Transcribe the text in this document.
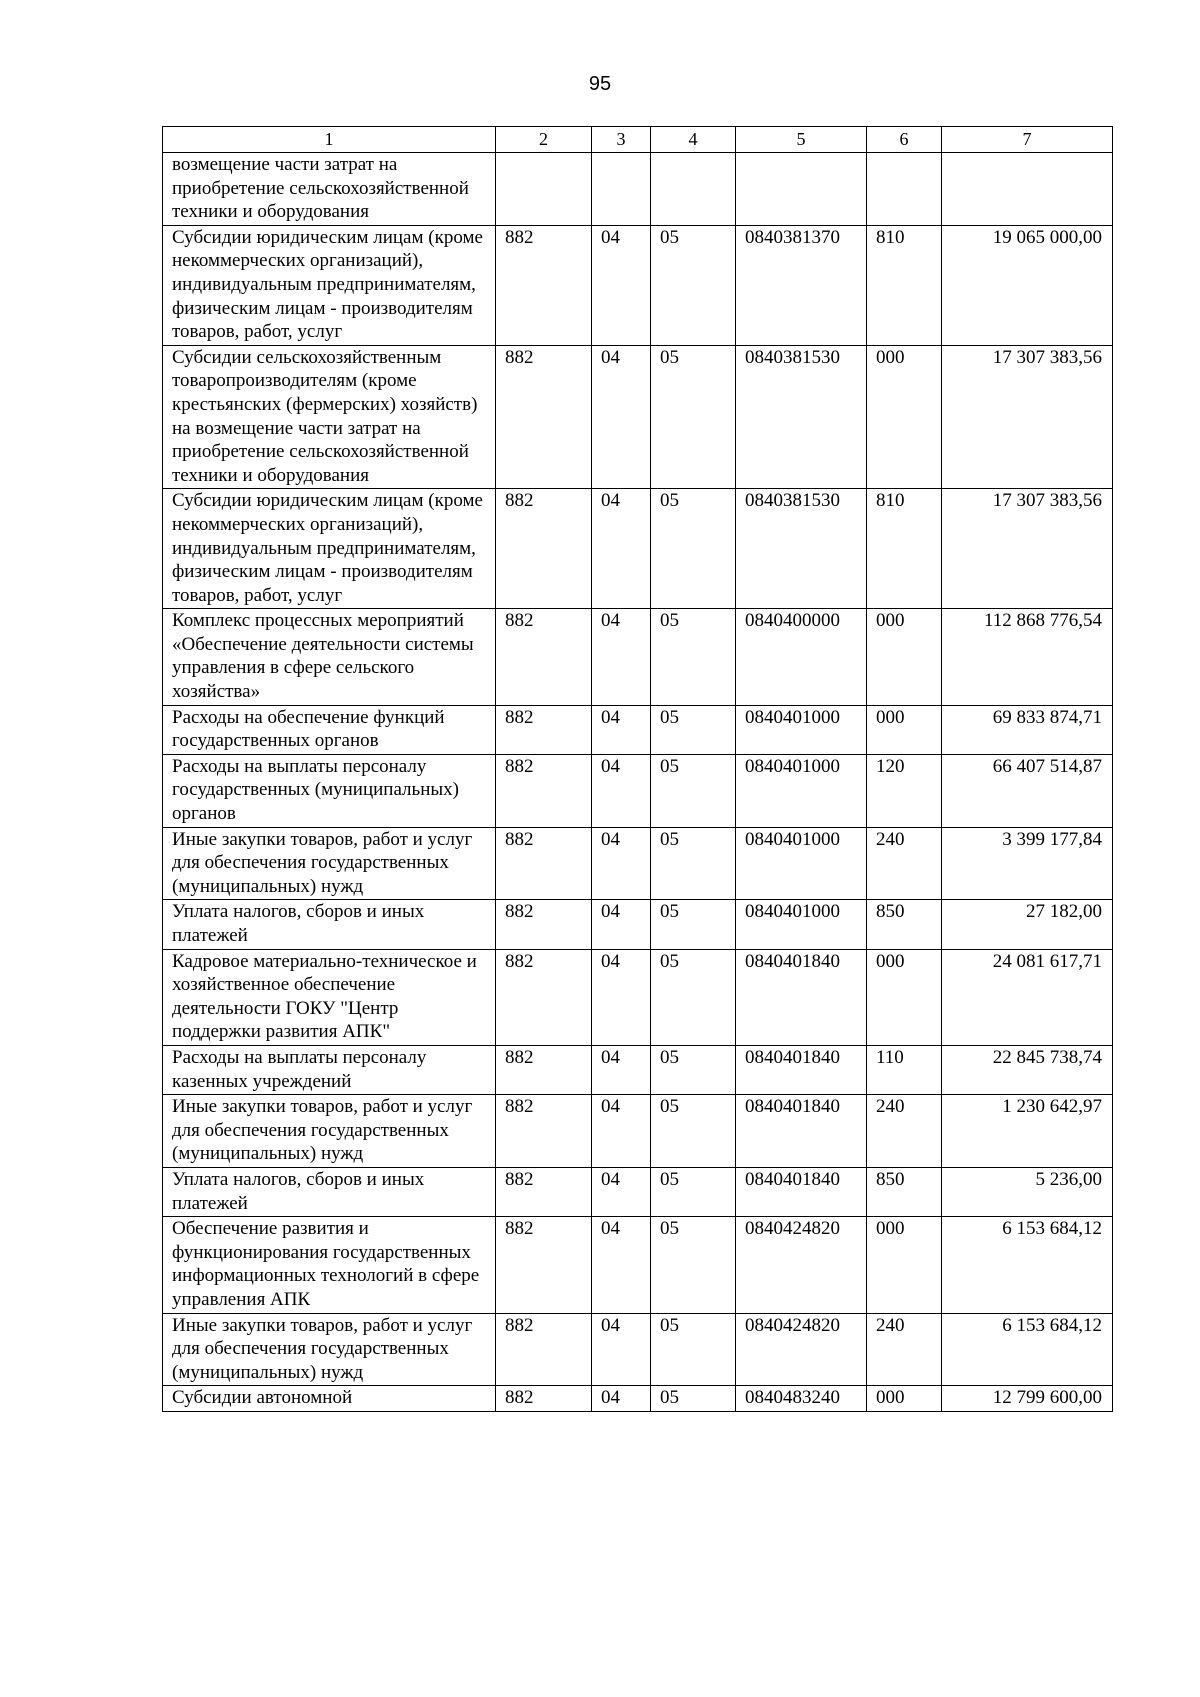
95
1	2	3	4	5	6	7
возмещение части затрат на приобретение сельскохозяйственной техники и оборудования						
Субсидии юридическим лицам (кроме некоммерческих организаций), индивидуальным предпринимателям, физическим лицам - производителям товаров, работ, услуг	882	04	05	0840381370	810	19 065 000,00
Субсидии сельскохозяйственным товаропроизводителям (кроме крестьянских (фермерских) хозяйств) на возмещение части затрат на приобретение сельскохозяйственной техники и оборудования	882	04	05	0840381530	000	17 307 383,56
Субсидии юридическим лицам (кроме некоммерческих организаций), индивидуальным предпринимателям, физическим лицам - производителям товаров, работ, услуг	882	04	05	0840381530	810	17 307 383,56
Комплекс процессных мероприятий «Обеспечение деятельности системы управления в сфере сельского хозяйства»	882	04	05	0840400000	000	112 868 776,54
Расходы на обеспечение функций государственных органов	882	04	05	0840401000	000	69 833 874,71
Расходы на выплаты персоналу государственных (муниципальных) органов	882	04	05	0840401000	120	66 407 514,87
Иные закупки товаров, работ и услуг для обеспечения государственных (муниципальных) нужд	882	04	05	0840401000	240	3 399 177,84
Уплата налогов, сборов и иных платежей	882	04	05	0840401000	850	27 182,00
Кадровое материально-техническое и хозяйственное обеспечение деятельности ГОКУ "Центр поддержки развития АПК"	882	04	05	0840401840	000	24 081 617,71
Расходы на выплаты персоналу казенных учреждений	882	04	05	0840401840	110	22 845 738,74
Иные закупки товаров, работ и услуг для обеспечения государственных (муниципальных) нужд	882	04	05	0840401840	240	1 230 642,97
Уплата налогов, сборов и иных платежей	882	04	05	0840401840	850	5 236,00
Обеспечение развития и функционирования государственных информационных технологий в сфере управления АПК	882	04	05	0840424820	000	6 153 684,12
Иные закупки товаров, работ и услуг для обеспечения государственных (муниципальных) нужд	882	04	05	0840424820	240	6 153 684,12
Субсидии автономной	882	04	05	0840483240	000	12 799 600,00
